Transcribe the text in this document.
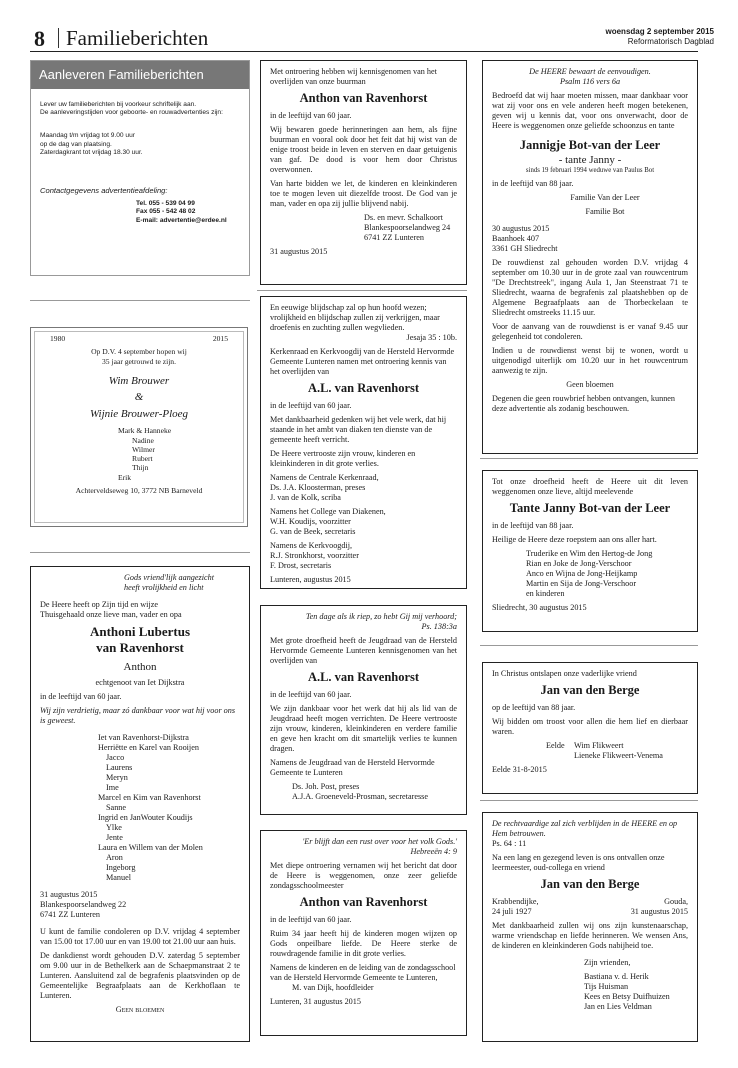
8 Familieberichten	woensdag 2 september 2015
Reformatorisch Dagblad
Aanleveren Familieberichten

Lever uw familieberichten bij voorkeur schriftelijk aan.

De aanleveringstijden voor geboorte- en rouwadvertenties zijn:

Maandag t/m vrijdag tot 9.00 uur

op de dag van plaatsing.

Zaterdagkrant tot vrijdag 18.30 uur.

Contactgegevens advertentieafdeling:

Tel. 055 - 539 04 99

Fax 055 - 542 48 02

E-mail: advertentie@erdee.nl

1980	2015

Op D.V. 4 september hopen wij

35 jaar getrouwd te zijn.

Wim Brouwer

&

Wijnie Brouwer-Ploeg

Mark & Hanneke

Nadine

Wilmer

Rubert

Thijn

Erik

Achterveldseweg 10, 3772 NB Barneveld

Gods vriend'lijk aangezicht

heeft vrolijkheid en licht

De Heere heeft op Zijn tijd en wijze

Thuisgehaald onze lieve man, vader en opa

Anthoni Lubertus

van Ravenhorst

Anthon

echtgenoot van Iet Dijkstra

in de leeftijd van 60 jaar.

Wij zijn verdrietig, maar zó dankbaar voor wat hij voor ons is geweest.

Iet van Ravenhorst-Dijkstra

Herriëtte en Karel van Rooijen

Jacco

Laurens

Meryn

Ime

Marcel en Kim van Ravenhorst

Sanne

Ingrid en JanWouter Koudijs

Ylke

Jente

Laura en Willem van der Molen

Aron

Ingeborg

Manuel

31 augustus 2015

Blankespoorselandweg 22

6741 ZZ Lunteren

U kunt de familie condoleren op D.V. vrijdag 4 september van 15.00 tot 17.00 uur en van 19.00 tot 21.00 uur aan huis.

De dankdienst wordt gehouden D.V. zaterdag 5 september om 9.00 uur in de Bethelkerk aan de Schaepmanstraat 2 te Lunteren. Aansluitend zal de begrafenis plaatsvinden op de Gemeentelijke Begraafplaats aan de Kerkhoflaan te Lunteren.

Geen bloemen

Met ontroering hebben wij kennisgenomen van het overlijden van onze buurman

Anthon van Ravenhorst

in de leeftijd van 60 jaar.

Wij bewaren goede herinneringen aan hem, als fijne buurman en vooral ook door het feit dat hij wist van de enige troost beide in leven en sterven en daar getuigenis van gaf. De dood is voor hem door Christus overwonnen.

Van harte bidden we let, de kinderen en kleinkinderen toe te mogen leven uit diezelfde troost. De God van je man, vader en opa zij jullie blijvend nabij.

Ds. en mevr. Schalkoort

Blankespoorselandweg 24

6741 ZZ Lunteren

31 augustus 2015

En eeuwige blijdschap zal op hun hoofd wezen; vrolijkheid en blijdschap zullen zij verkrijgen, maar droefenis en zuchting zullen wegvlieden.

Jesaja 35 : 10b.

Kerkenraad en Kerkvoogdij van de Hersteld Hervormde Gemeente Lunteren namen met ontroering kennis van het overlijden van

A.L. van Ravenhorst

in de leeftijd van 60 jaar.

Met dankbaarheid gedenken wij het vele werk, dat hij staande in het ambt van diaken ten dienste van de gemeente heeft verricht.

De Heere vertrooste zijn vrouw, kinderen en kleinkinderen in dit grote verlies.

Namens de Centrale Kerkenraad,

Ds. J.A. Kloosterman, preses

J. van de Kolk, scriba

Namens het College van Diakenen,

W.H. Koudijs, voorzitter

G. van de Beek, secretaris

Namens de Kerkvoogdij,

R.J. Stronkhorst, voorzitter

F. Drost, secretaris

Lunteren, augustus 2015

Ten dage als ik riep, zo hebt Gij mij verhoord;

Ps. 138:3a

Met grote droefheid heeft de Jeugdraad van de Hersteld Hervormde Gemeente Lunteren kennisgenomen van het overlijden van

A.L. van Ravenhorst

in de leeftijd van 60 jaar.

We zijn dankbaar voor het werk dat hij als lid van de Jeugdraad heeft mogen verrichten. De Heere vertrooste zijn vrouw, kinderen, kleinkinderen en verdere familie en geve hen kracht om dit smartelijk verlies te kunnen dragen.

Namens de Jeugdraad van de Hersteld Hervormde Gemeente te Lunteren

Ds. Joh. Post, preses

A.J.A. Groeneveld-Prosman, secretaresse

'Er blijft dan een rust over voor het volk Gods.'

Hebreeën 4: 9

Met diepe ontroering vernamen wij het bericht dat door de Heere is weggenomen, onze zeer geliefde zondagsschoolmeester

Anthon van Ravenhorst

in de leeftijd van 60 jaar.

Ruim 34 jaar heeft hij de kinderen mogen wijzen op Gods onpeilbare liefde. De Heere sterke de rouwdragende familie in dit grote verlies.

Namens de kinderen en de leiding van de zondagsschool van de Hersteld Hervormde Gemeente te Lunteren,

M. van Dijk, hoofdleider

Lunteren, 31 augustus 2015

De HEERE bewaart de eenvoudigen.

Psalm 116 vers 6a

Bedroefd dat wij haar moeten missen, maar dankbaar voor wat zij voor ons en vele anderen heeft mogen betekenen, geven wij u kennis dat, voor ons onverwacht, door de Heere is weggenomen onze geliefde schoonzus en tante

Jannigje Bot-van der Leer

- tante Janny -

sinds 19 februari 1994 weduwe van Paulus Bot

in de leeftijd van 88 jaar.

Familie Van der Leer

Familie Bot

30 augustus 2015

Baanhoek 407

3361 GH Sliedrecht

De rouwdienst zal gehouden worden D.V. vrijdag 4 september om 10.30 uur in de grote zaal van rouwcentrum "De Drechtstreek", ingang Aula 1, Jan Steenstraat 71 te Sliedrecht, waarna de begrafenis zal plaatshebben op de Algemene Begraafplaats aan de Thorbeckelaan te Sliedrecht omstreeks 11.15 uur.

Voor de aanvang van de rouwdienst is er vanaf 9.45 uur gelegenheid tot condoleren.

Indien u de rouwdienst wenst bij te wonen, wordt u uitgenodigd uiterlijk om 10.20 uur in het rouwcentrum aanwezig te zijn.

Geen bloemen

Degenen die geen rouwbrief hebben ontvangen, kunnen deze advertentie als zodanig beschouwen.

Tot onze droefheid heeft de Heere uit dit leven weggenomen onze lieve, altijd meelevende

Tante Janny Bot-van der Leer

in de leeftijd van 88 jaar.

Heilige de Heere deze roepstem aan ons aller hart.

Truderike en Wim den Hertog-de Jong

Rian en Joke de Jong-Verschoor

Anco en Wijna de Jong-Heijkamp

Martin en Sija de Jong-Verschoor

en kinderen

Sliedrecht, 30 augustus 2015

In Christus ontslapen onze vaderlijke vriend

Jan van den Berge

op de leeftijd van 88 jaar.

Wij bidden om troost voor allen die hem lief en dierbaar waren.

Eelde	Wim Flikweert

Lieneke Flikweert-Venema

Eelde 31-8-2015

De rechtvaardige zal zich verblijden in de HEERE en op Hem betrouwen.

Ps. 64 : 11

Na een lang en gezegend leven is ons ontvallen onze leermeester, oud-collega en vriend

Jan van den Berge

Krabbendijke,	Gouda,
24 juli 1927	31 augustus 2015

Met dankbaarheid zullen wij ons zijn kunstenaarschap, warme vriendschap en liefde herinneren. We wensen Ans, de kinderen en kleinkinderen Gods nabijheid toe.

Zijn vrienden,

Bastiana v. d. Herik

Tijs Huisman

Kees en Betsy Duifhuizen

Jan en Lies Veldman
